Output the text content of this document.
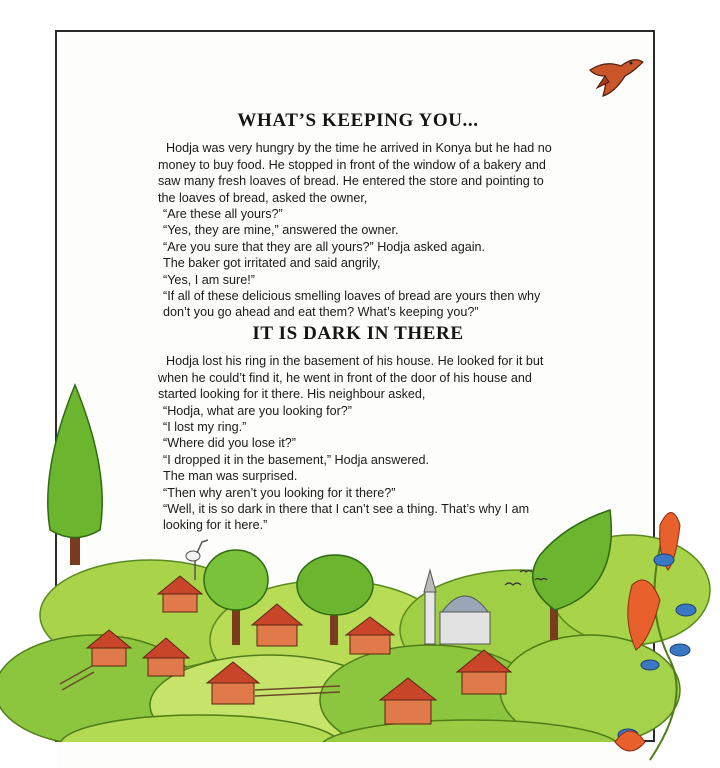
WHAT’S KEEPING YOU...

Hodja was very hungry by the time he arrived in Konya but he had no money to buy food. He stopped in front of the window of a bakery and saw many fresh loaves of bread. He entered the store and pointing to the loaves of bread, asked the owner,

“Are these all yours?”

“Yes, they are mine,” answered the owner.

“Are you sure that they are all yours?” Hodja asked again.

The baker got irritated and said angrily,

“Yes, I am sure!”

“If all of these delicious smelling loaves of bread are yours then why don’t you go ahead and eat them? What’s keeping you?”

IT IS DARK IN THERE

Hodja lost his ring in the basement of his house. He looked for it but when he could’t find it, he went in front of the door of his house and started looking for it there. His neighbour asked,

“Hodja, what are you looking for?”

“I lost my ring.”

“Where did you lose it?”

“I dropped it in the basement,” Hodja answered.

The man was surprised.

“Then why aren’t you looking for it there?”

“Well, it is so dark in there that I can’t see a thing. That’s why I am looking for it here.”
